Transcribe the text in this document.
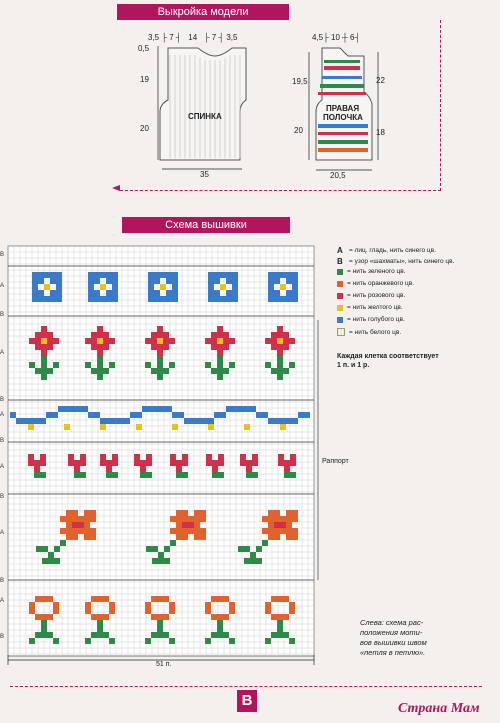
Выкройка модели
3,5 ├ 7 ┤   14   ├ 7 ┤ 3,5
0,5
19
20
35
СПИНКА
4,5├ 10 ┼ 6┤
19,5
20
22
18
20,5
ПРАВАЯ
ПОЛОЧКА
Схема вышивки
В
А
В
А
В
А
В
А
В
А
В
А
В
А = лиц. гладь, нить синего цв.
В = узор «шахматы», нить синего цв.
= нить зеленого цв.
= нить оранжевого цв.
= нить розового цв.
= нить желтого цв.
= нить голубого цв.
= нить белого цв.
Каждая клетка соответствует
1 п. и 1 р.
Раппорт
51 п.
Слева: схема рас-
положения моти-
вов вышивки швом
«петля в петлю».
В	Страна Мам
